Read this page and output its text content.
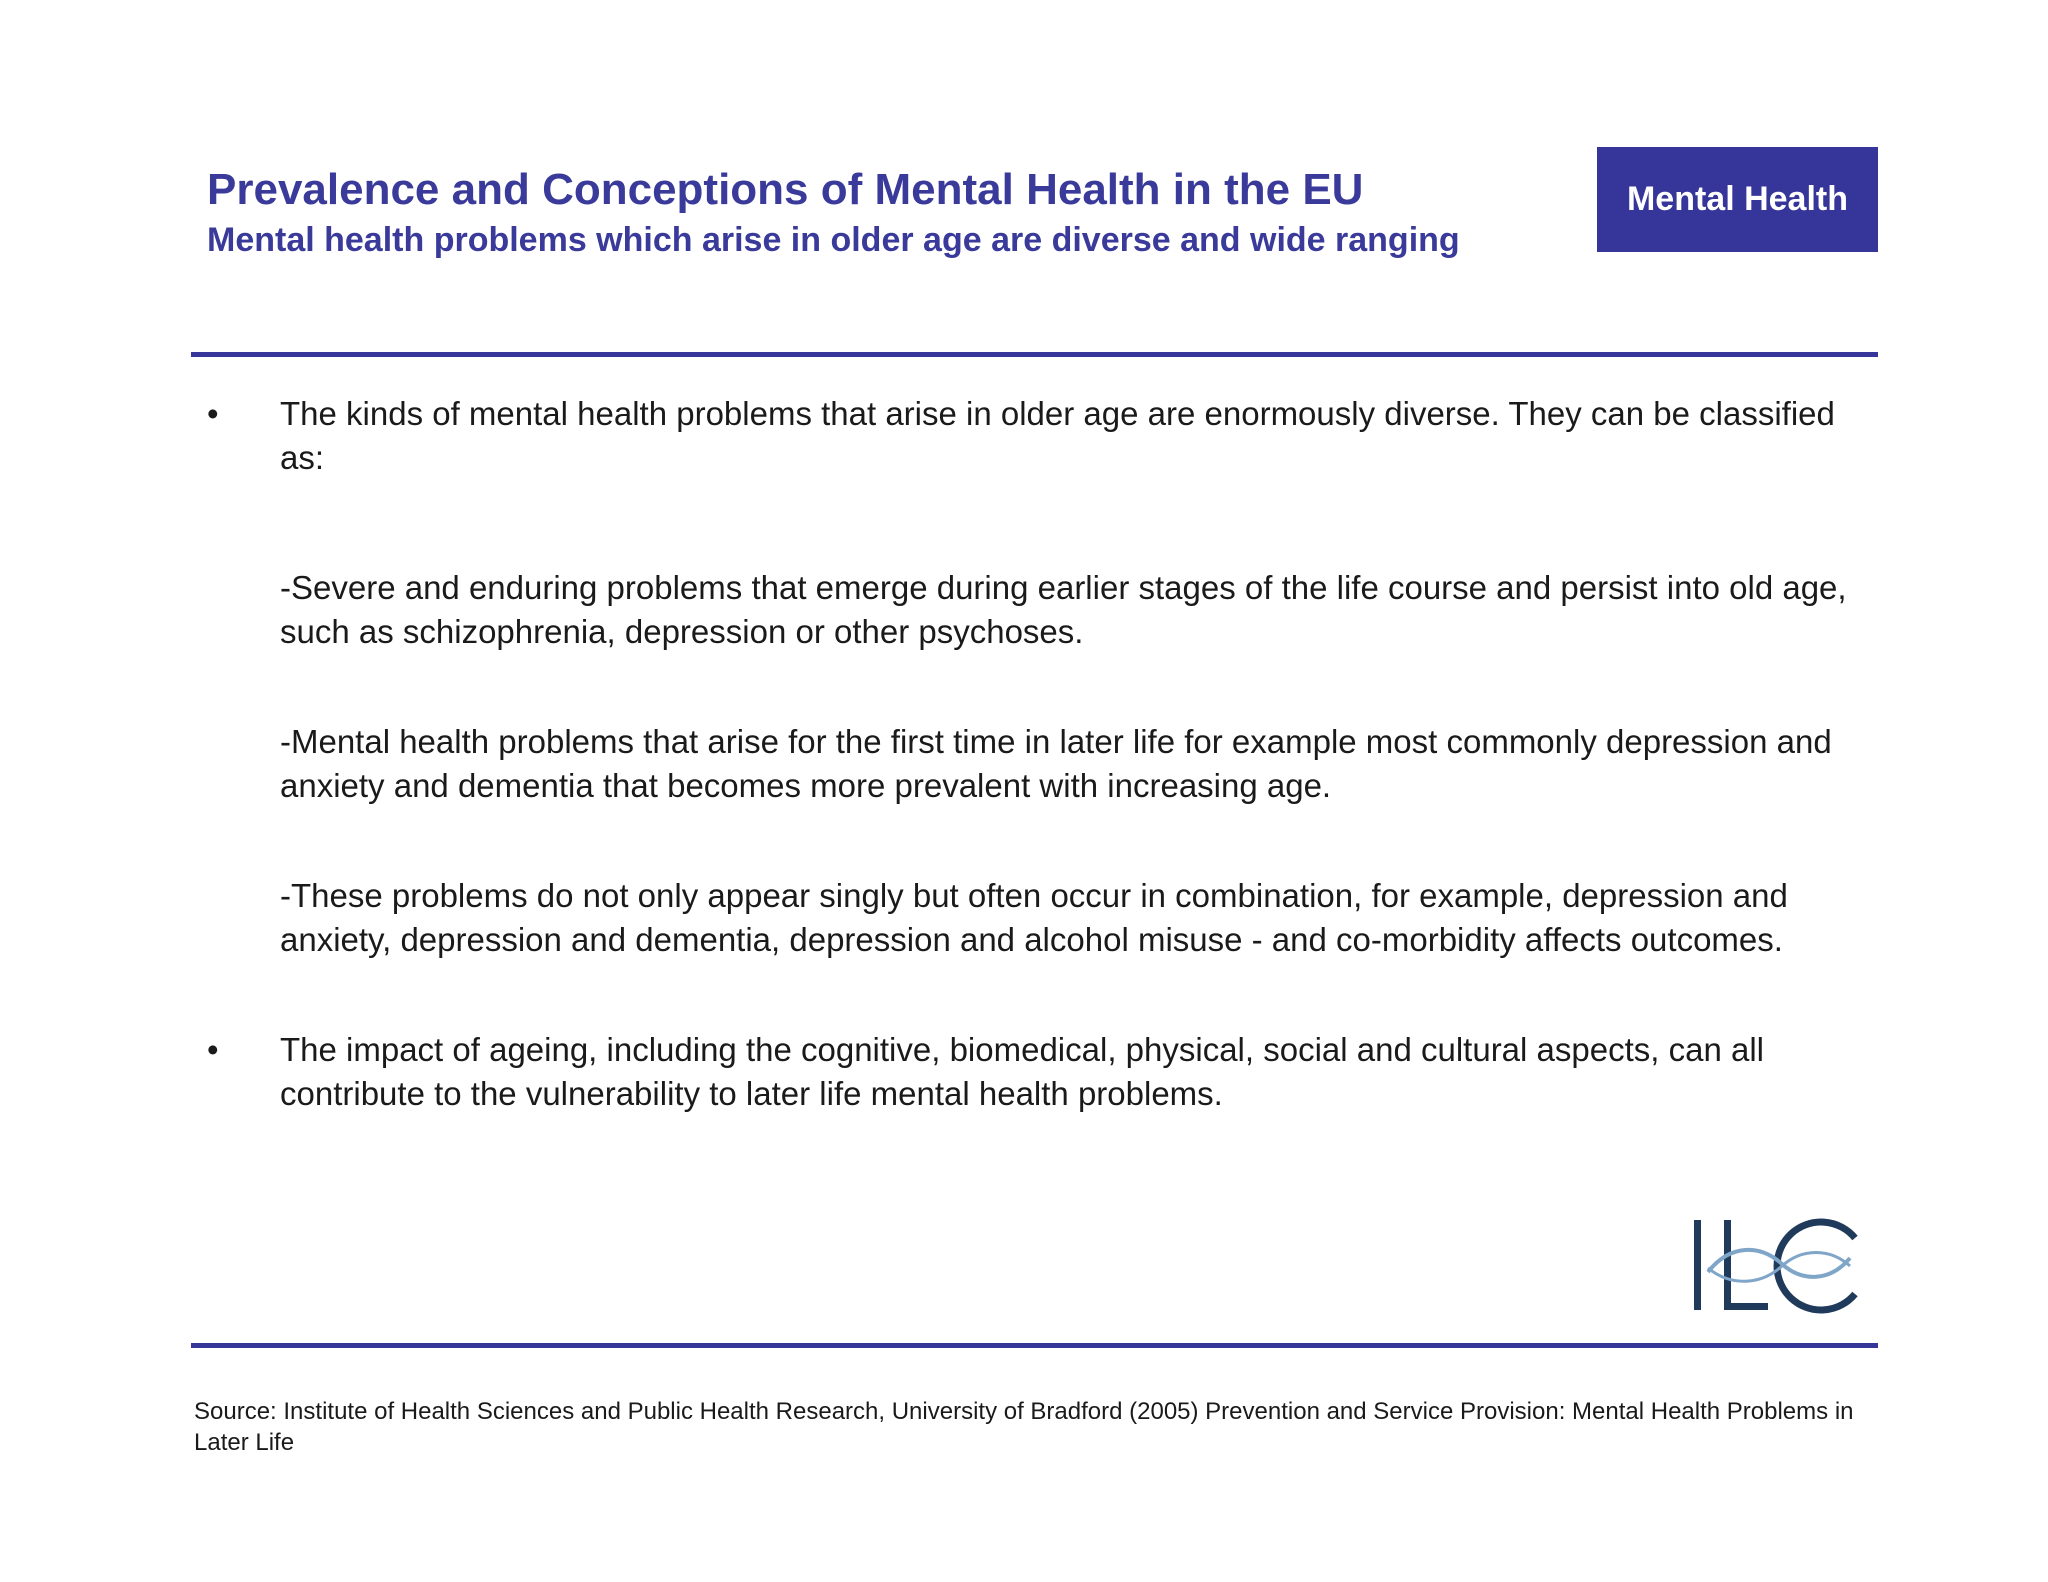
Prevalence and Conceptions of Mental Health in the EU
Mental health problems which arise in older age are diverse and wide ranging
Mental Health
• The kinds of mental health problems that arise in older age are enormously diverse. They can be classified as:

-Severe and enduring problems that emerge during earlier stages of the life course and persist into old age, such as schizophrenia, depression or other psychoses.

-Mental health problems that arise for the first time in later life for example most commonly depression and anxiety and dementia that becomes more prevalent with increasing age.

-These problems do not only appear singly but often occur in combination, for example, depression and anxiety, depression and dementia, depression and alcohol misuse - and co-morbidity affects outcomes.

• The impact of ageing, including the cognitive, biomedical, physical, social and cultural aspects, can all contribute to the vulnerability to later life mental health problems.

Source: Institute of Health Sciences and Public Health Research, University of Bradford (2005) Prevention and Service Provision: Mental Health Problems in Later Life
